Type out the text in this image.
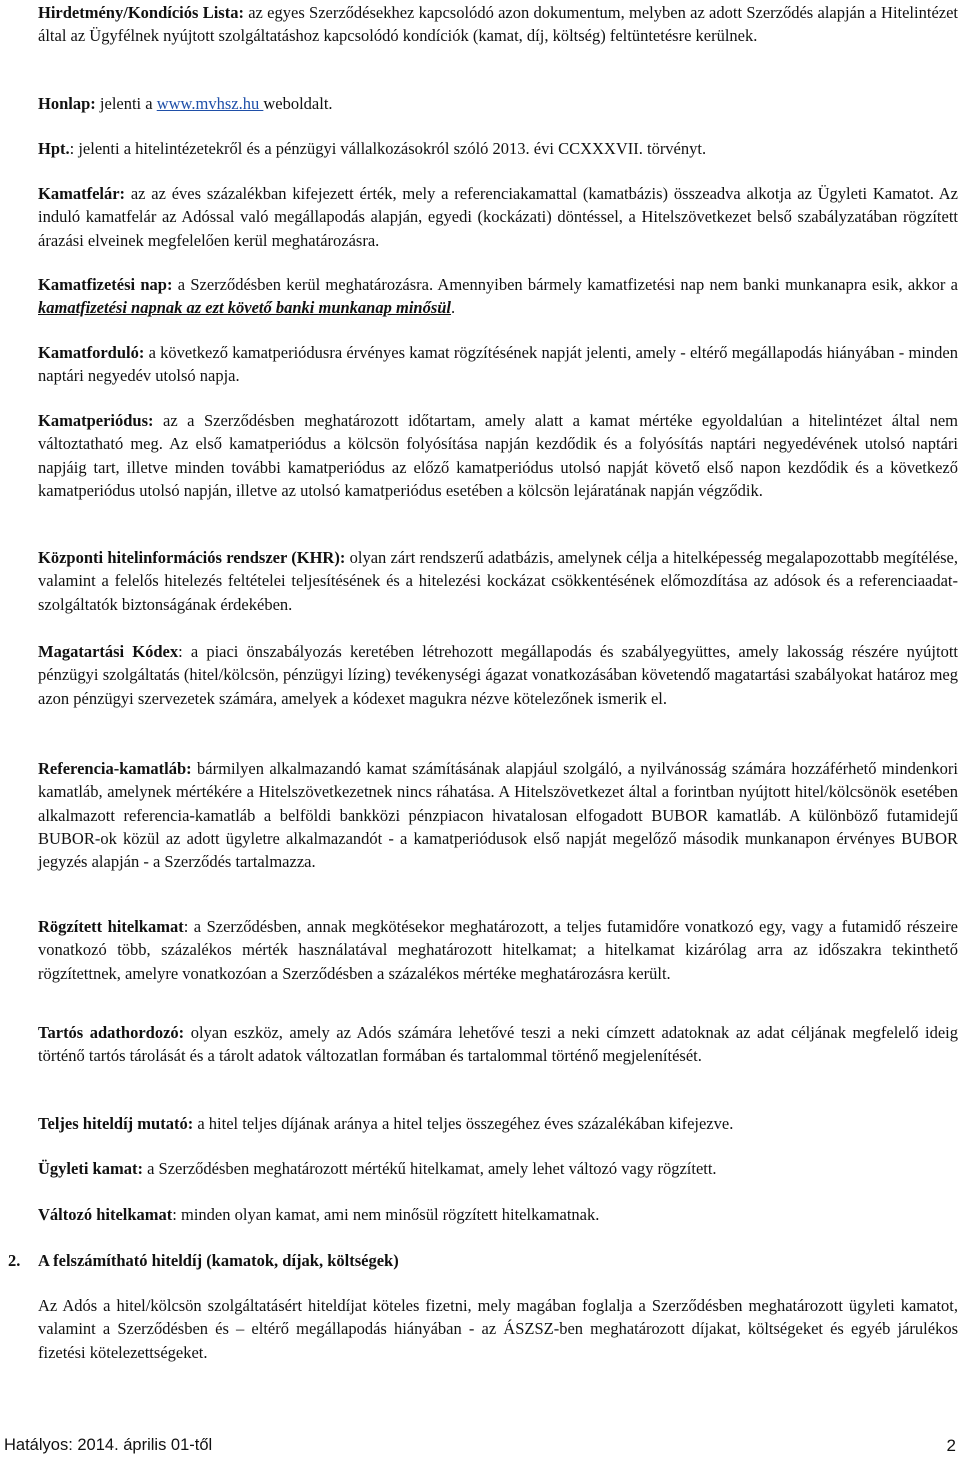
Hirdetmény/Kondíciós Lista: az egyes Szerződésekhez kapcsolódó azon dokumentum, melyben az adott Szerződés alapján a Hitelintézet által az Ügyfélnek nyújtott szolgáltatáshoz kapcsolódó kondíciók (kamat, díj, költség) feltüntetésre kerülnek.

Honlap: jelenti a www.mvhsz.hu weboldalt.

Hpt.: jelenti a hitelintézetekről és a pénzügyi vállalkozásokról szóló 2013. évi CCXXXVII. törvényt.

Kamatfelár: az az éves százalékban kifejezett érték, mely a referenciakamattal (kamatbázis) összeadva alkotja az Ügyleti Kamatot. Az induló kamatfelár az Adóssal való megállapodás alapján, egyedi (kockázati) döntéssel, a Hitelszövetkezet belső szabályzatában rögzített árazási elveinek megfelelően kerül meghatározásra.

Kamatfizetési nap: a Szerződésben kerül meghatározásra. Amennyiben bármely kamatfizetési nap nem banki munkanapra esik, akkor a kamatfizetési napnak az ezt követő banki munkanap minősül.

Kamatforduló: a következő kamatperiódusra érvényes kamat rögzítésének napját jelenti, amely - eltérő megállapodás hiányában - minden naptári negyedév utolsó napja.

Kamatperiódus: az a Szerződésben meghatározott időtartam, amely alatt a kamat mértéke egyoldalúan a hitelintézet által nem változtatható meg. Az első kamatperiódus a kölcsön folyósítása napján kezdődik és a folyósítás naptári negyedévének utolsó naptári napjáig tart, illetve minden további kamatperiódus az előző kamatperiódus utolsó napját követő első napon kezdődik és a következő kamatperiódus utolsó napján, illetve az utolsó kamatperiódus esetében a kölcsön lejáratának napján végződik.

Központi hitelinformációs rendszer (KHR): olyan zárt rendszerű adatbázis, amelynek célja a hitelképesség megalapozottabb megítélése, valamint a felelős hitelezés feltételei teljesítésének és a hitelezési kockázat csökkentésének előmozdítása az adósok és a referenciaadat-szolgáltatók biztonságának érdekében.

Magatartási Kódex: a piaci önszabályozás keretében létrehozott megállapodás és szabályegyüttes, amely lakosság részére nyújtott pénzügyi szolgáltatás (hitel/kölcsön, pénzügyi lízing) tevékenységi ágazat vonatkozásában követendő magatartási szabályokat határoz meg azon pénzügyi szervezetek számára, amelyek a kódexet magukra nézve kötelezőnek ismerik el.

Referencia-kamatláb: bármilyen alkalmazandó kamat számításának alapjául szolgáló, a nyilvánosság számára hozzáférhető mindenkori kamatláb, amelynek mértékére a Hitelszövetkezetnek nincs ráhatása. A Hitelszövetkezet által a forintban nyújtott hitel/kölcsönök esetében alkalmazott referencia-kamatláb a belföldi bankközi pénzpiacon hivatalosan elfogadott BUBOR kamatláb. A különböző futamidejű BUBOR-ok közül az adott ügyletre alkalmazandót - a kamatperiódusok első napját megelőző második munkanapon érvényes BUBOR jegyzés alapján - a Szerződés tartalmazza.

Rögzített hitelkamat: a Szerződésben, annak megkötésekor meghatározott, a teljes futamidőre vonatkozó egy, vagy a futamidő részeire vonatkozó több, százalékos mérték használatával meghatározott hitelkamat; a hitelkamat kizárólag arra az időszakra tekinthető rögzítettnek, amelyre vonatkozóan a Szerződésben a százalékos mértéke meghatározásra került.

Tartós adathordozó: olyan eszköz, amely az Adós számára lehetővé teszi a neki címzett adatoknak az adat céljának megfelelő ideig történő tartós tárolását és a tárolt adatok változatlan formában és tartalommal történő megjelenítését.

Teljes hiteldíj mutató: a hitel teljes díjának aránya a hitel teljes összegéhez éves százalékában kifejezve.

Ügyleti kamat: a Szerződésben meghatározott mértékű hitelkamat, amely lehet változó vagy rögzített.

Változó hitelkamat: minden olyan kamat, ami nem minősül rögzített hitelkamatnak.

2. A felszámítható hiteldíj (kamatok, díjak, költségek)

Az Adós a hitel/kölcsön szolgáltatásért hiteldíjat köteles fizetni, mely magában foglalja a Szerződésben meghatározott ügyleti kamatot, valamint a Szerződésben és – eltérő megállapodás hiányában - az ÁSZSZ-ben meghatározott díjakat, költségeket és egyéb járulékos fizetési kötelezettségeket.

Hatályos: 2014. április 01-től	2
